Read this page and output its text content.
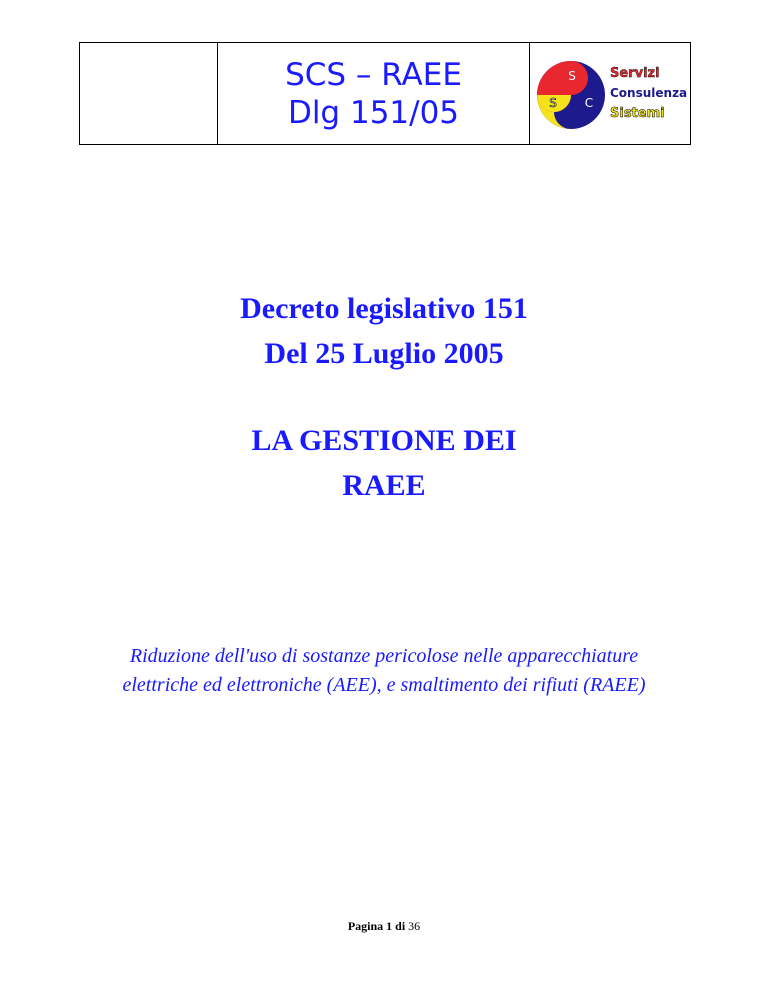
SCS – RAEE
Dlg 151/05
S
S C
Servizi
Consulenza
Sistemi
Decreto legislativo 151
Del 25 Luglio 2005
LA GESTIONE DEI
RAEE
Riduzione dell'uso di sostanze pericolose nelle apparecchiature
elettriche ed elettroniche (AEE), e smaltimento dei rifiuti (RAEE)
Pagina 1 di 36
